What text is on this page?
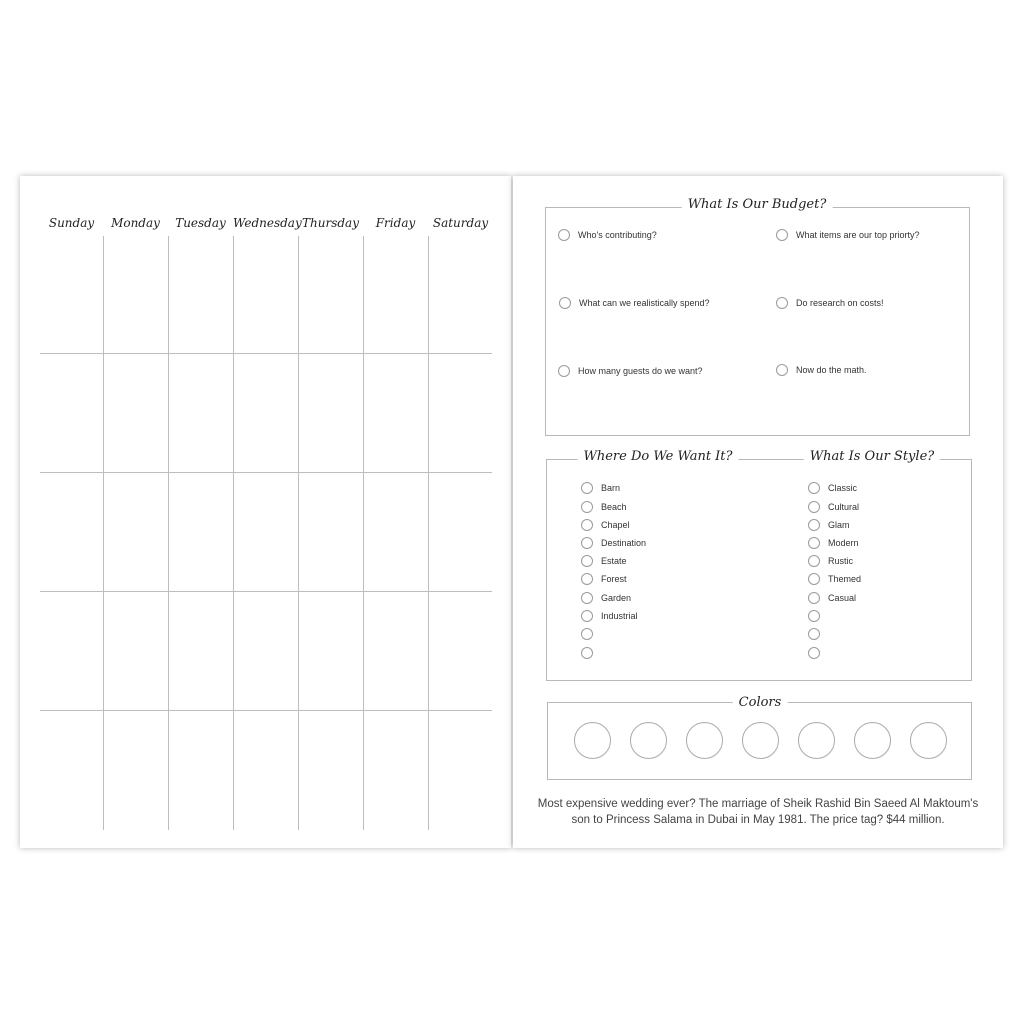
Sunday	Monday	Tuesday Wednesday Thursday	Friday	Saturday
What Is Our Budget?
Who's contributing?	What items are our top priorty?
What can we realistically spend?	Do research on costs!
How many guests do we want?	Now do the math.
Where Do We Want It?	What Is Our Style?
Barn
Beach
Chapel
Destination
Estate
Forest
Garden
Industrial
Classic
Cultural
Glam
Modern
Rustic
Themed
Casual
Colors
Most expensive wedding ever? The marriage of Sheik Rashid Bin Saeed Al Maktoum's
son to Princess Salama in Dubai in May 1981. The price tag? $44 million.
